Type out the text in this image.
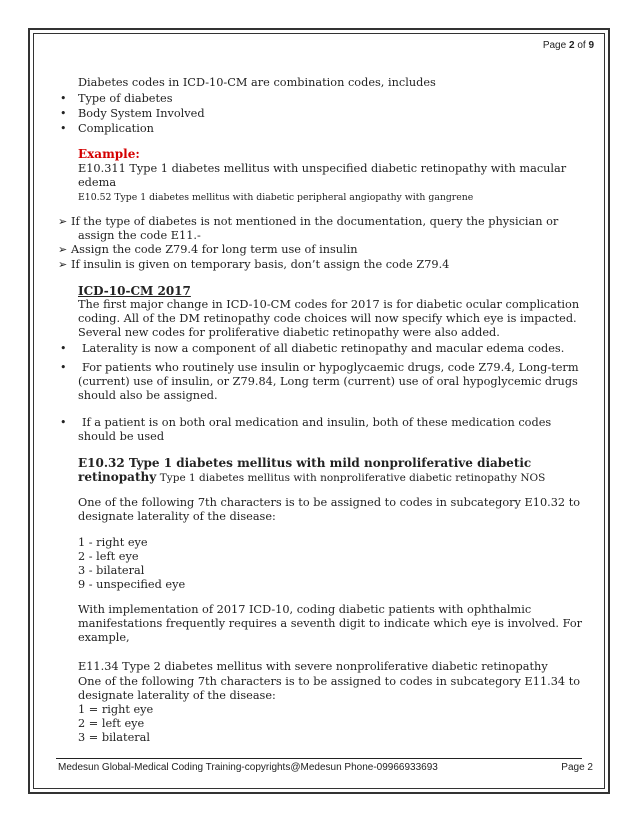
Page 2 of 9
Diabetes codes in ICD-10-CM are combination codes, includes
• Type of diabetes
• Body System Involved
• Complication
Example:
E10.311 Type 1 diabetes mellitus with unspecified diabetic retinopathy with macular
edema
E10.52 Type 1 diabetes mellitus with diabetic peripheral angiopathy with gangrene
➢ If the type of diabetes is not mentioned in the documentation, query the physician or
assign the code E11.-
➢ Assign the code Z79.4 for long term use of insulin
➢ If insulin is given on temporary basis, don’t assign the code Z79.4
ICD-10-CM 2017
The first major change in ICD-10-CM codes for 2017 is for diabetic ocular complication
coding. All of the DM retinopathy code choices will now specify which eye is impacted.
Several new codes for proliferative diabetic retinopathy were also added.
• Laterality is now a component of all diabetic retinopathy and macular edema codes.
• For patients who routinely use insulin or hypoglycaemic drugs, code Z79.4, Long-term
(current) use of insulin, or Z79.84, Long term (current) use of oral hypoglycemic drugs
should also be assigned.
• If a patient is on both oral medication and insulin, both of these medication codes
should be used
E10.32 Type 1 diabetes mellitus with mild nonproliferative diabetic
retinopathy Type 1 diabetes mellitus with nonproliferative diabetic retinopathy NOS
One of the following 7th characters is to be assigned to codes in subcategory E10.32 to
designate laterality of the disease:
1 - right eye
2 - left eye
3 - bilateral
9 - unspecified eye
With implementation of 2017 ICD-10, coding diabetic patients with ophthalmic
manifestations frequently requires a seventh digit to indicate which eye is involved. For
example,
E11.34 Type 2 diabetes mellitus with severe nonproliferative diabetic retinopathy
One of the following 7th characters is to be assigned to codes in subcategory E11.34 to
designate laterality of the disease:
1 = right eye
2 = left eye
3 = bilateral
Medesun Global-Medical Coding Training-copyrights@Medesun Phone-09966933693	Page 2
